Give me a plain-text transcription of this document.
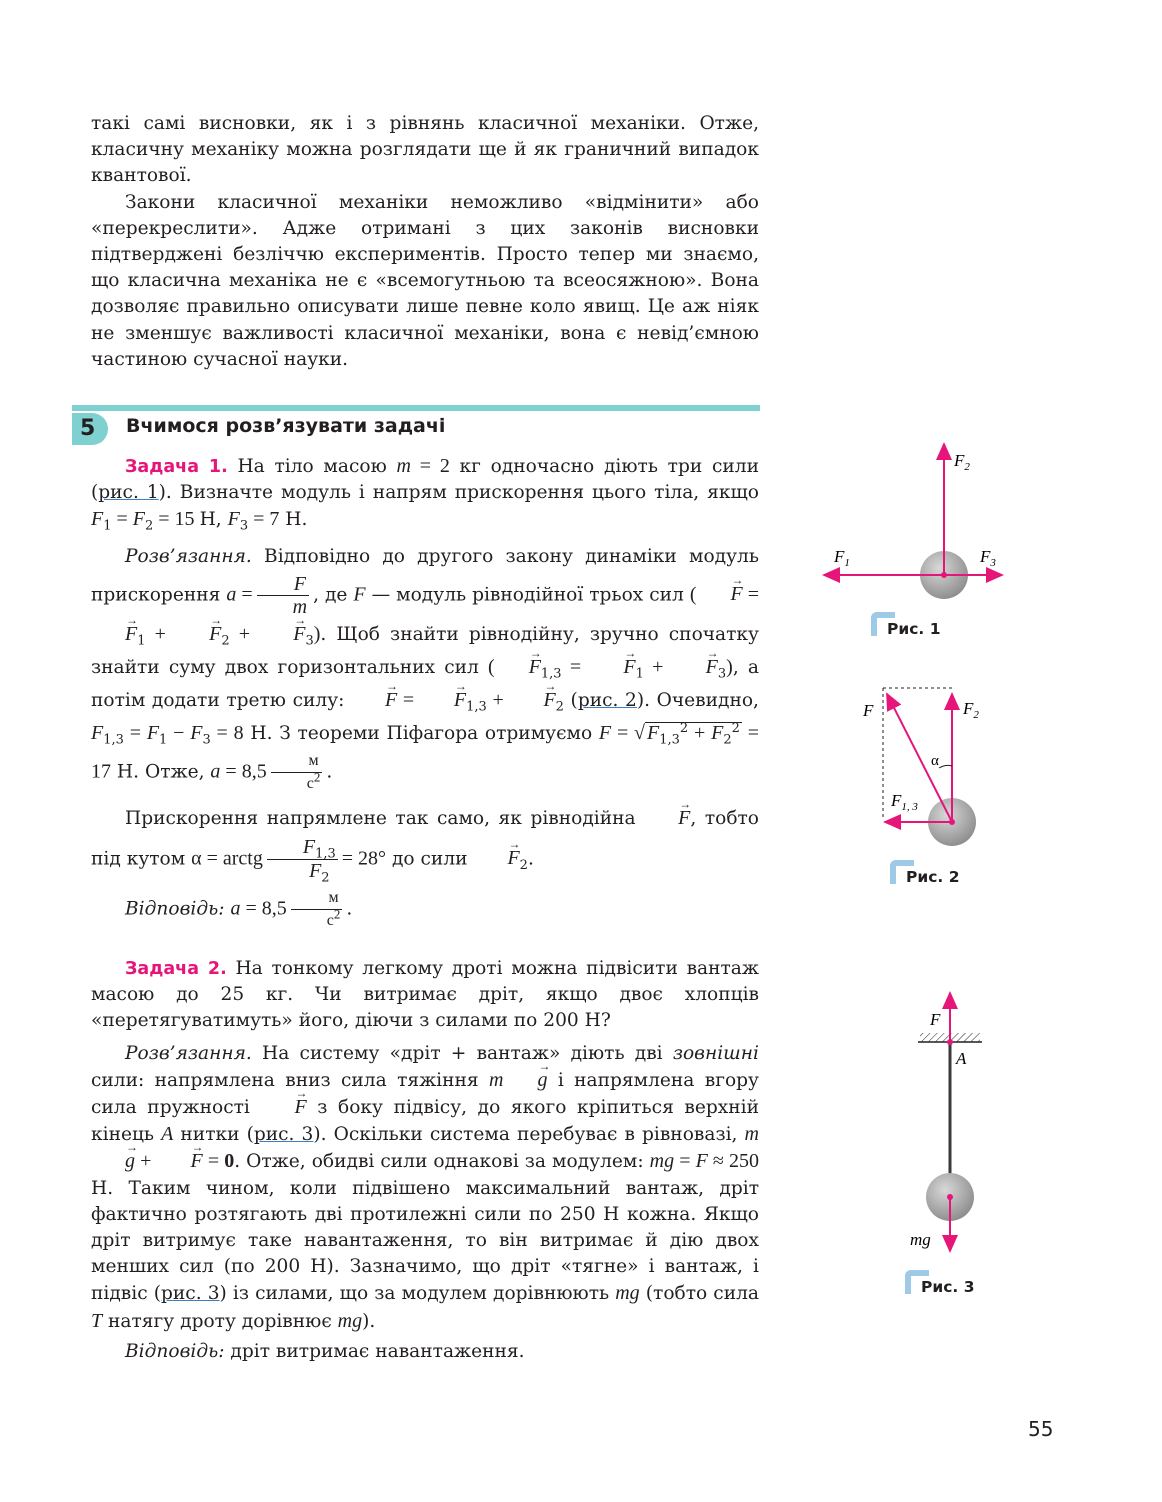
такі самі висновки, як і з рівнянь класичної механіки. Отже, класичну механіку можна розглядати ще й як граничний випадок квантової.

Закони класичної механіки неможливо «відмінити» або «перекреслити». Адже отримані з цих законів висновки підтверджені безліччю експериментів. Просто тепер ми знаємо, що класична механіка не є «всемогутньою та всеосяжною». Вона дозволяє правильно описувати лише певне коло явищ. Це аж ніяк не зменшує важливості класичної механіки, вона є невід’ємною частиною сучасної науки.

5	Вчимося розв’язувати задачі

Задача 1. На тіло масою m = 2 кг одночасно діють три сили (рис. 1). Визначте модуль і напрям прискорення цього тіла, якщо $F_1 = F_2 = 15$ Н, $F_3 = 7$ Н.

Розв’язання. Відповідно до другого закону динаміки модуль прискорення $a = \frac{F}{m}$ , де F — модуль рівнодійної трьох сил ( → F = → $F_1$ + → $F_2$ + → $F_3$). Щоб знайти рівнодійну, зручно спочатку знайти суму двох горизонтальних сил ( → $F_{1,3}$ = → $F_1$ + → $F_3$), а потім додати третю силу: → F = → $F_{1,3}$ + → $F_2$ (рис. 2). Очевидно, $F_{1,3} = F_1 - F_3 = 8$ Н. З теореми Піфагора отримуємо F = √ $F_{1,3}^2 + F_2^2 = 17$ Н. Отже, $a = 8,5 \frac{м}{с^2}$ .

Прискорення напрямлене так само, як рівнодійна → F, тобто під кутом α = arctg $\frac{F_{1,3}}{F_2} = 28^\circ$ до сили → $F_2$.

Відповідь: $a = 8,5 \frac{м}{с^2}$ .

Задача 2. На тонкому легкому дроті можна підвісити вантаж масою до 25 кг. Чи витримає дріт, якщо двоє хлопців «перетягуватимуть» його, діючи з силами по 200 Н?

Розв’язання. На систему «дріт + вантаж» діють дві зовнішні сили: напрямлена вниз сила тяжіння m → g і напрямлена вгору сила пружності → F з боку підвісу, до якого кріпиться верхній кінець A нитки (рис. 3). Оскільки система перебуває в рівновазі, m→ g + → F = 0. Отже, обидві сили однакові за модулем: mg = F ≈ 250 Н. Таким чином, коли підвішено максимальний вантаж, дріт фактично розтягають дві протилежні сили по 250 Н кожна. Якщо дріт витримує таке навантаження, то він витримає й дію двох менших сил (по 200 Н). Зазначимо, що дріт «тягне» і вантаж, і підвіс (рис. 3) із силами, що за модулем дорівнюють mg (тобто сила T натягу дроту дорівнює mg).

Відповідь: дріт витримає навантаження.

$F_2$
$F_1$	$F_3$
Рис. 1
F	$F_2$
$F_{1, 3}$
α
Рис. 2
F
A
mg
Рис. 3
55
